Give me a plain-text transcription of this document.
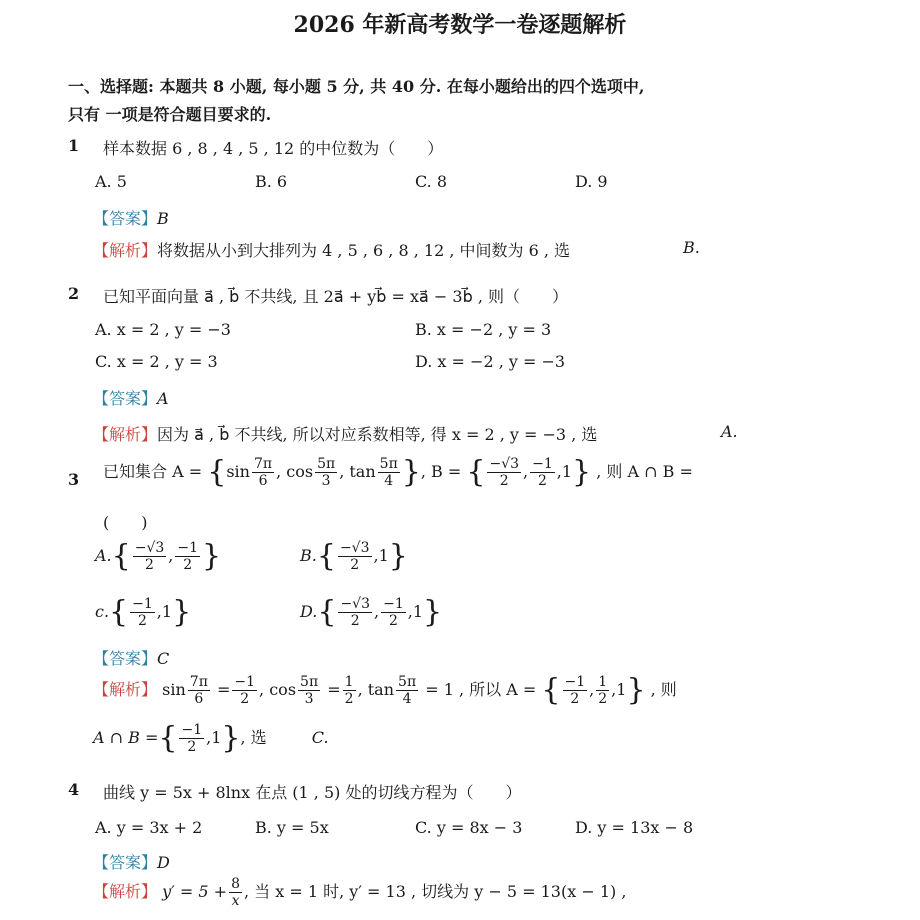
2026 年新高考数学一卷逐题解析
一、选择题: 本题共 8 小题, 每小题 5 分, 共 40 分. 在每小题给出的四个选项中,
只有 一项是符合题目要求的.
1 样本数据 6 , 8 , 4 , 5 , 12 的中位数为（　　）
A. 5	B. 6	C. 8	D. 9
【答案】B
【解析】将数据从小到大排列为 4 , 5 , 6 , 8 , 12 , 中间数为 6 , 选	B.
2 已知平面向量 a⃗ , b⃗ 不共线, 且 2a⃗ + yb⃗ = xa⃗ − 3b⃗ , 则（　　）
A. x = 2 , y = −3	B. x = −2 , y = 3
C. x = 2 , y = 3	D. x = −2 , y = −3
【答案】A
【解析】因为 a⃗ , b⃗ 不共线, 所以对应系数相等, 得 x = 2 , y = −3 , 选	A.
3 已知集合 $A = \{\sin \frac{7\pi}{6}$ , $\cos \frac{5\pi}{3}$ , $\tan \frac{5\pi}{4}$ }, B = { $\frac{-√3}{2}$ , $\frac{-1}{2} ,1$} , 则 A ∩ B =
(　　)
$A.\{ \frac{-√3}{2}$ , $\frac{-1}{2}$ }	$B.\{ \frac{-√3}{2} ,1\}$
$c.\{ \frac{-1}{2} ,1\}$	$D.\{ \frac{-√3}{2}$ , $\frac{-1}{2} ,1$}
【答案】C
【解析】 $\sin \frac{7\pi}{6} = \frac{-1}{2}$ , $\cos \frac{5\pi}{3} = \frac{1}{2}$ , $\tan \frac{5\pi}{4} = 1$ , 所以 A = { $\frac{-1}{2}$ , $\frac{1}{2} ,1$} , 则
A ∩ B ={ $\frac{-1}{2} ,1$}, 选	C.
4 曲线 y = 5x + 8lnx 在点 (1 , 5) 处的切线方程为（　　）
A. y = 3x + 2	B. y = 5x	C. y = 8x − 3	D. y = 13x − 8
【答案】D
【解析】 $y' = 5 + \frac{8}{x}$ , 当 x = 1 时, y′ = 13 , 切线为 y − 5 = 13(x − 1) ,
